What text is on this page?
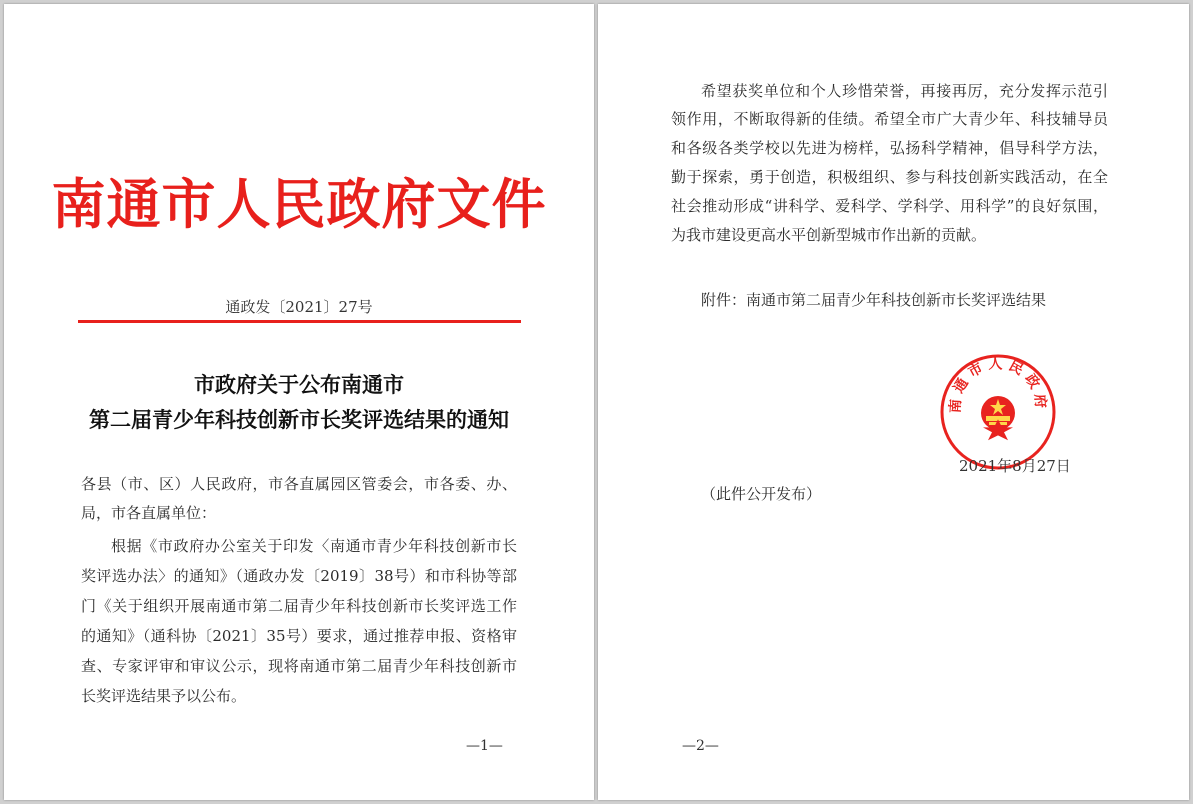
南通市人民政府文件
通政发〔2021〕27号
市政府关于公布南通市
第二届青少年科技创新市长奖评选结果的通知
各县（市、区）人民政府，市各直属园区管委会，市各委、办、
局，市各直属单位：
根据《市政府办公室关于印发〈南通市青少年科技创新市长
奖评选办法〉的通知》（通政办发〔2019〕38号）和市科协等部
门《关于组织开展南通市第二届青少年科技创新市长奖评选工作
的通知》（通科协〔2021〕35号）要求，通过推荐申报、资格审
查、专家评审和审议公示，现将南通市第二届青少年科技创新市
长奖评选结果予以公布。
—1—
希望获奖单位和个人珍惜荣誉，再接再厉，充分发挥示范引
领作用，不断取得新的佳绩。希望全市广大青少年、科技辅导员
和各级各类学校以先进为榜样，弘扬科学精神，倡导科学方法，
勤于探索，勇于创造，积极组织、参与科技创新实践活动，在全
社会推动形成“讲科学、爱科学、学科学、用科学”的良好氛围，
为我市建设更高水平创新型城市作出新的贡献。
附件：南通市第二届青少年科技创新市长奖评选结果
南通市人民政府
2021年8月27日
（此件公开发布）
—2—
